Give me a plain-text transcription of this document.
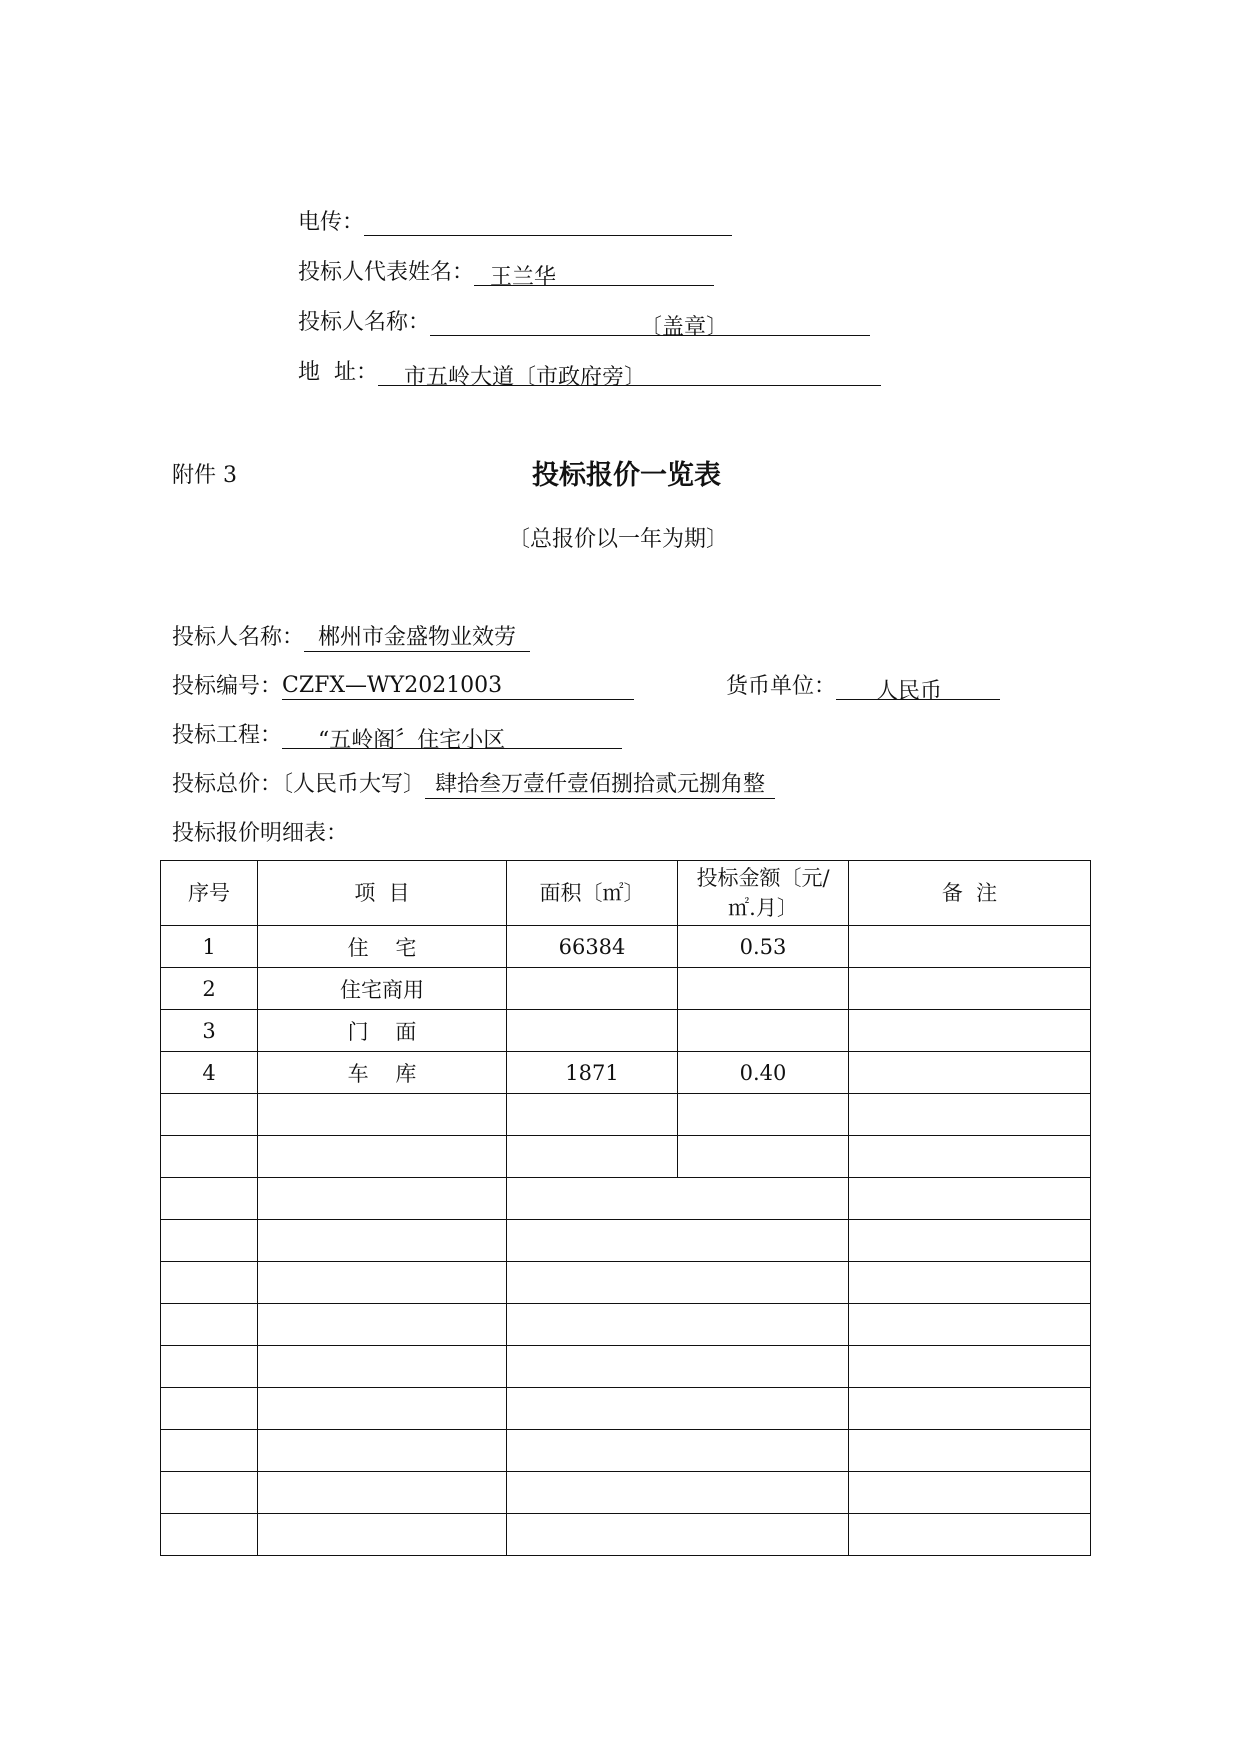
电传：
投标人代表姓名： 王兰华
投标人名称：	〔盖章〕
地  址： 市五岭大道〔市政府旁〕
附件 3	投标报价一览表
〔总报价以一年为期〕
投标人名称： 郴州市金盛物业效劳
投标编号：CZFX—WY2021003	货币单位： 人民币
投标工程： “五岭阁〞住宅小区
投标总价：〔人民币大写〕 肆拾叁万壹仟壹佰捌拾贰元捌角整
投标报价明细表：
序号	项  目	面积〔㎡〕	投标金额〔元/㎡.月〕	备  注
1	住    宅	66384	0.53	
2	住宅商用			
3	门    面			
4	车    库	1871	0.40	
